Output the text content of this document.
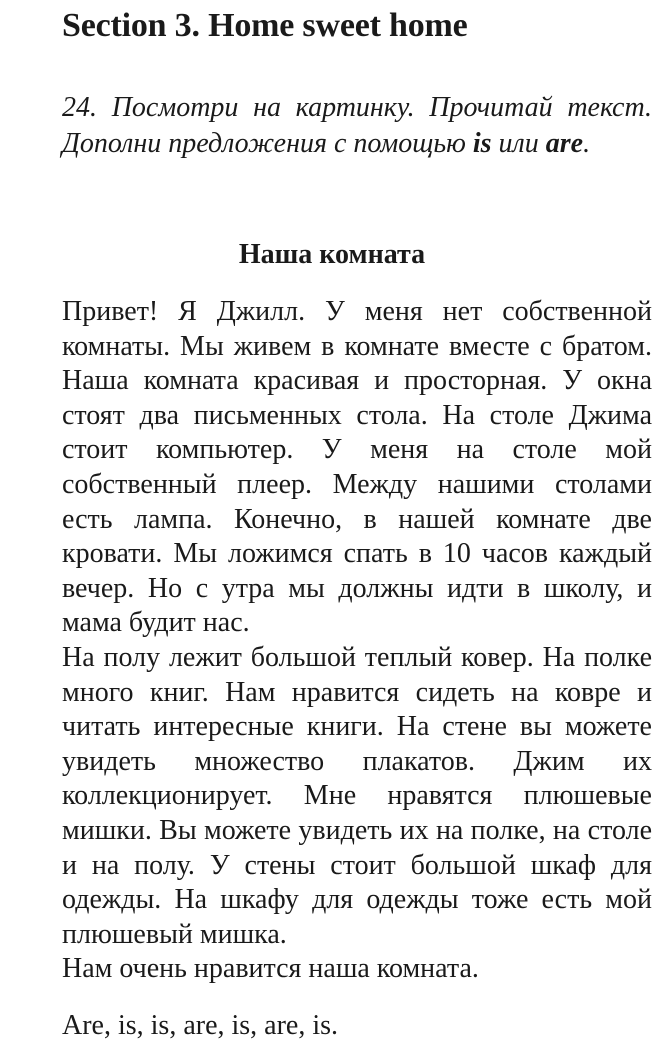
Section 3. Home sweet home

24. Посмотри на картинку. Прочитай текст. Дополни предложения с помощью is или are.

Наша комната

Привет! Я Джилл. У меня нет собственной комнаты. Мы живем в комнате вместе с братом. Наша комната красивая и просторная. У окна стоят два письменных стола. На столе Джима стоит компьютер. У меня на столе мой собственный плеер. Между нашими столами есть лампа. Конечно, в нашей комнате две кровати. Мы ложимся спать в 10 часов каждый вечер. Но с утра мы должны идти в школу, и мама будит нас.

На полу лежит большой теплый ковер. На полке много книг. Нам нравится сидеть на ковре и читать интересные книги. На стене вы можете увидеть множество плакатов. Джим их коллекционирует. Мне нравятся плюшевые мишки. Вы можете увидеть их на полке, на столе и на полу. У стены стоит большой шкаф для одежды. На шкафу для одежды тоже есть мой плюшевый мишка.

Нам очень нравится наша комната.

Are, is, is, are, is, are, is.
